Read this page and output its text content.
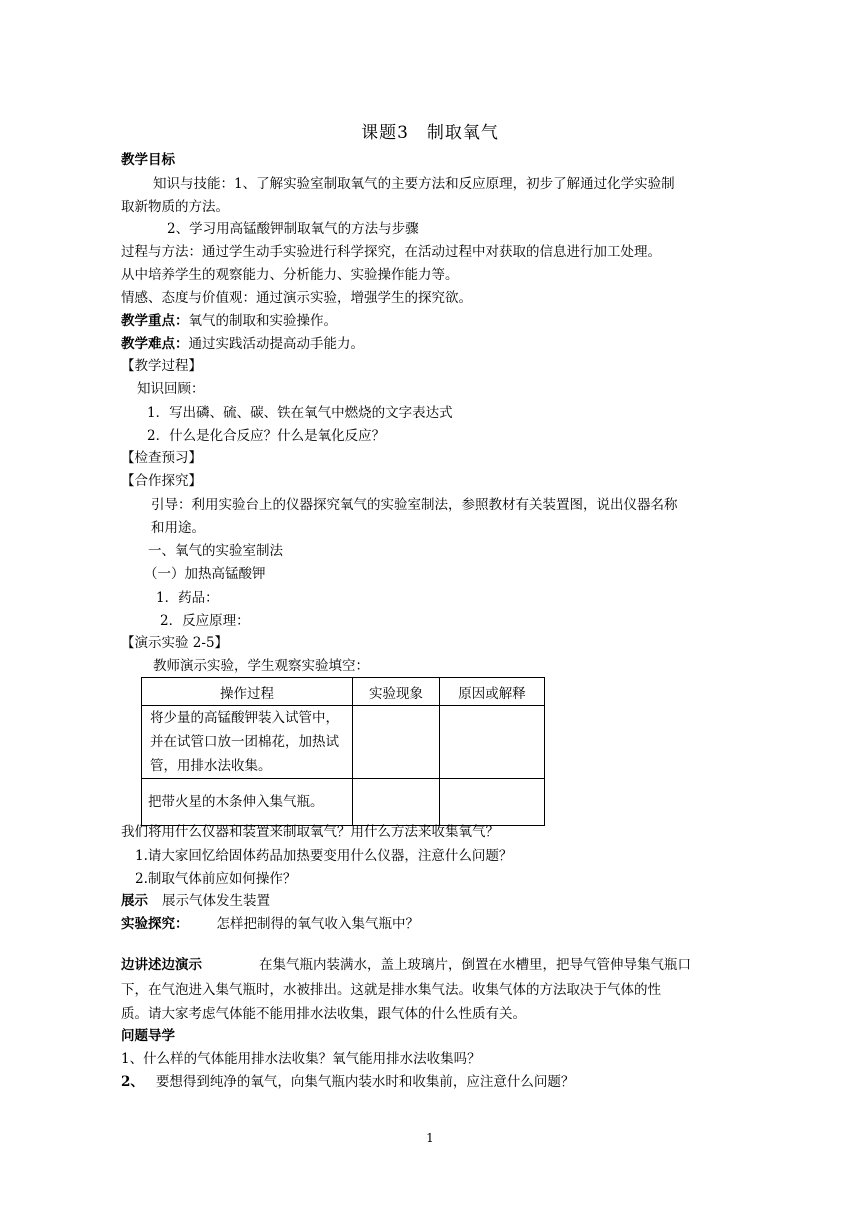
课题3　制取氧气
教学目标
知识与技能：1、了解实验室制取氧气的主要方法和反应原理，初步了解通过化学实验制
取新物质的方法。
2、学习用高锰酸钾制取氧气的方法与步骤
过程与方法：通过学生动手实验进行科学探究，在活动过程中对获取的信息进行加工处理。
从中培养学生的观察能力、分析能力、实验操作能力等。
情感、态度与价值观：通过演示实验，增强学生的探究欲。
教学重点：氧气的制取和实验操作。
教学难点：通过实践活动提高动手能力。
【教学过程】
知识回顾：
1．写出磷、硫、碳、铁在氧气中燃烧的文字表达式
2．什么是化合反应？什么是氧化反应？
【检查预习】
【合作探究】
引导：利用实验台上的仪器探究氧气的实验室制法，参照教材有关装置图，说出仪器名称
和用途。
一、氧气的实验室制法
（一）加热高锰酸钾
1．药品：
2．反应原理：
【演示实验 2-5】
教师演示实验，学生观察实验填空：
操作过程	实验现象	原因或解释

将少量的高锰酸钾装入试管中，并在试管口放一团棉花，加热试管，用排水法收集。		

把带火星的木条伸入集气瓶。		

我们将用什么仪器和装置来制取氧气？用什么方法来收集氧气？
1.请大家回忆给固体药品加热要变用什么仪器，注意什么问题？
2.制取气体前应如何操作？
展示 展示气体发生装置
实验探究： 怎样把制得的氧气收入集气瓶中？
边讲述边演示	在集气瓶内装满水，盖上玻璃片，倒置在水槽里，把导气管伸导集气瓶口
下，在气泡进入集气瓶时，水被排出。这就是排水集气法。收集气体的方法取决于气体的性
质。请大家考虑气体能不能用排水法收集，跟气体的什么性质有关。
问题导学
1、什么样的气体能用排水法收集？氧气能用排水法收集吗？
2、 要想得到纯净的氧气，向集气瓶内装水时和收集前，应注意什么问题？
1
